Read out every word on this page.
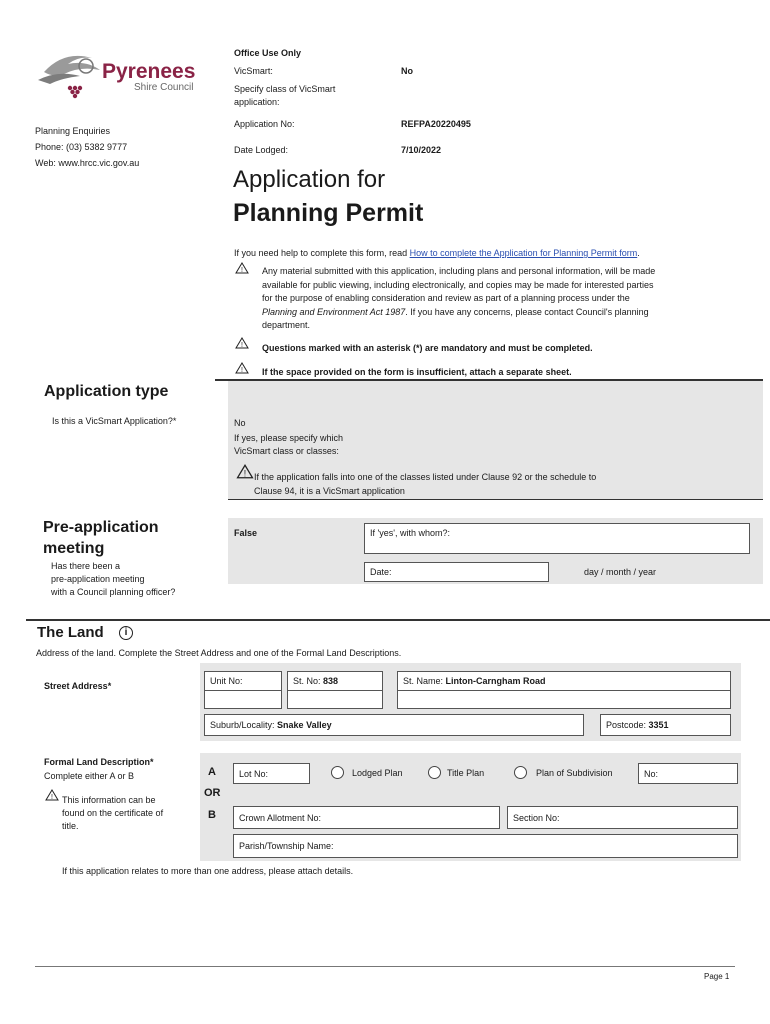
Pyrenees
Shire Council
Planning Enquiries
Phone: (03) 5382 9777
Web: www.hrcc.vic.gov.au
Office Use Only
VicSmart:	No
Specify class of VicSmart
application:
Application No:	REFPA20220495
Date Lodged:	7/10/2022
Application for
Planning Permit
If you need help to complete this form, read How to complete the Application for Planning Permit form.
! Any material submitted with this application, including plans and personal information, will be made
available for public viewing, including electronically, and copies may be made for interested parties
for the purpose of enabling consideration and review as part of a planning process under the
Planning and Environment Act 1987. If you have any concerns, please contact Council's planning
department.
! Questions marked with an asterisk (*) are mandatory and must be completed.
! If the space provided on the form is insufficient, attach a separate sheet.
Application type
Is this a VicSmart Application?*	No
If yes, please specify which
VicSmart class or classes:
! If the application falls into one of the classes listed under Clause 92 or the schedule to
Clause 94, it is a VicSmart application
Pre-application
meeting
Has there been a
pre-application meeting
with a Council planning officer?
False	If 'yes', with whom?:
Date:	day / month / year
The Land	i
Address of the land. Complete the Street Address and one of the Formal Land Descriptions.
Street Address*	Unit No:	St. No: 838	St. Name: Linton-Carngham Road
Suburb/Locality: Snake Valley	Postcode: 3351
Formal Land Description*
Complete either A or B
! This information can be
found on the certificate of
title.
A
OR
B
Lot No:	Lodged Plan	Title Plan	Plan of Subdivision	No:
Crown Allotment No:	Section No:
Parish/Township Name:
If this application relates to more than one address, please attach details.
Page 1
